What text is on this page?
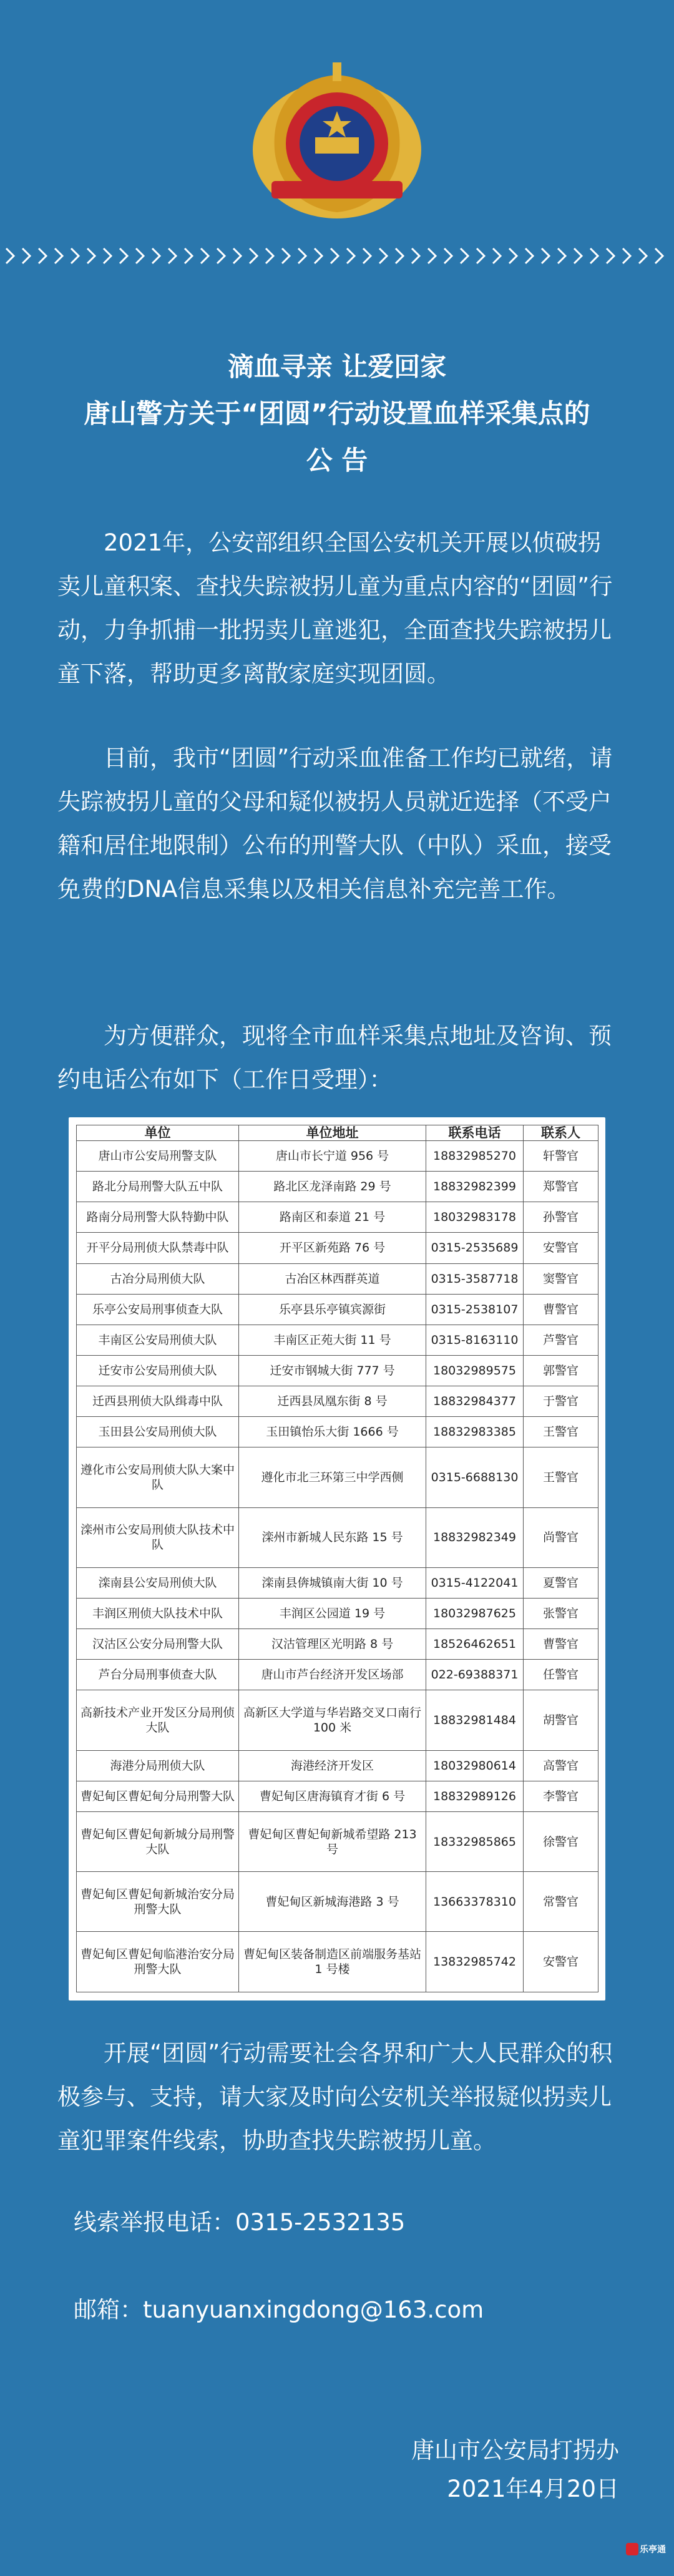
滴血寻亲 让爱回家
唐山警方关于“团圆”行动设置血样采集点的
公 告
2021年，公安部组织全国公安机关开展以侦破拐卖儿童积案、查找失踪被拐儿童为重点内容的“团圆”行动，力争抓捕一批拐卖儿童逃犯，全面查找失踪被拐儿童下落，帮助更多离散家庭实现团圆。
目前，我市“团圆”行动采血准备工作均已就绪，请失踪被拐儿童的父母和疑似被拐人员就近选择（不受户籍和居住地限制）公布的刑警大队（中队）采血，接受免费的DNA信息采集以及相关信息补充完善工作。
为方便群众，现将全市血样采集点地址及咨询、预约电话公布如下（工作日受理）：
单位	单位地址	联系电话	联系人
唐山市公安局刑警支队	唐山市长宁道 956 号	18832985270	轩警官
路北分局刑警大队五中队	路北区龙泽南路 29 号	18832982399	郑警官
路南分局刑警大队特勤中队	路南区和泰道 21 号	18032983178	孙警官
开平分局刑侦大队禁毒中队	开平区新苑路 76 号	0315-2535689	安警官
古冶分局刑侦大队	古冶区林西群英道	0315-3587718	窦警官
乐亭公安局刑事侦查大队	乐亭县乐亭镇宾源街	0315-2538107	曹警官
丰南区公安局刑侦大队	丰南区正苑大街 11 号	0315-8163110	芦警官
迁安市公安局刑侦大队	迁安市钢城大街 777 号	18032989575	郭警官
迁西县刑侦大队缉毒中队	迁西县凤凰东街 8 号	18832984377	于警官
玉田县公安局刑侦大队	玉田镇怡乐大街 1666 号	18832983385	王警官
遵化市公安局刑侦大队大案中队	遵化市北三环第三中学西侧	0315-6688130	王警官
滦州市公安局刑侦大队技术中队	滦州市新城人民东路 15 号	18832982349	尚警官
滦南县公安局刑侦大队	滦南县倴城镇南大街 10 号	0315-4122041	夏警官
丰润区刑侦大队技术中队	丰润区公园道 19 号	18032987625	张警官
汉沽区公安分局刑警大队	汉沽管理区光明路 8 号	18526462651	曹警官
芦台分局刑事侦查大队	唐山市芦台经济开发区场部	022-69388371	任警官
高新技术产业开发区分局刑侦大队	高新区大学道与华岩路交叉口南行 100 米	18832981484	胡警官
海港分局刑侦大队	海港经济开发区	18032980614	高警官
曹妃甸区曹妃甸分局刑警大队	曹妃甸区唐海镇育才街 6 号	18832989126	李警官
曹妃甸区曹妃甸新城分局刑警大队	曹妃甸区曹妃甸新城希望路 213 号	18332985865	徐警官
曹妃甸区曹妃甸新城治安分局刑警大队	曹妃甸区新城海港路 3 号	13663378310	常警官
曹妃甸区曹妃甸临港治安分局刑警大队	曹妃甸区装备制造区前端服务基站 1 号楼	13832985742	安警官
开展“团圆”行动需要社会各界和广大人民群众的积极参与、支持，请大家及时向公安机关举报疑似拐卖儿童犯罪案件线索，协助查找失踪被拐儿童。
线索举报电话：0315-2532135
邮箱：tuanyuanxingdong@163.com
唐山市公安局打拐办
2021年4月20日
乐亭通
